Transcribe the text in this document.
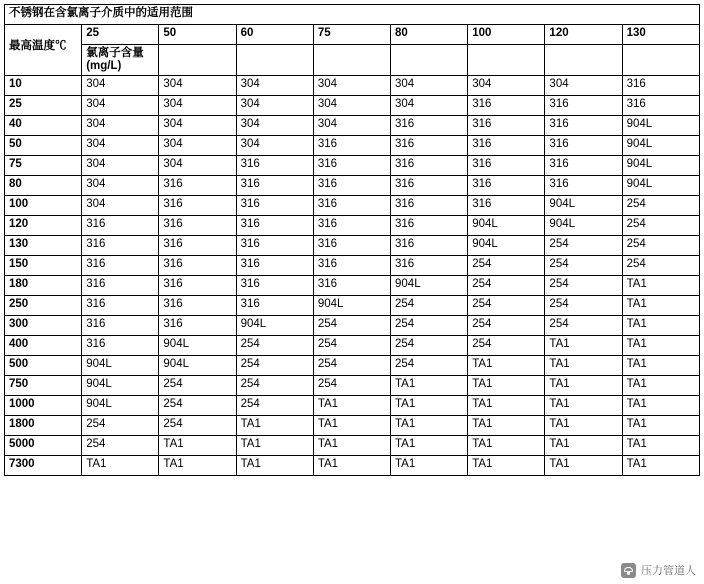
不锈钢在含氯离子介质中的适用范围								

最高温度℃	25	50	60	75	80	100	120	130
	氯离子含量(mg/L)							
10	304	304	304	304	304	304	304	316
25	304	304	304	304	304	316	316	316
40	304	304	304	304	316	316	316	904L
50	304	304	304	316	316	316	316	904L
75	304	304	316	316	316	316	316	904L
80	304	316	316	316	316	316	316	904L
100	304	316	316	316	316	316	904L	254
120	316	316	316	316	316	904L	904L	254
130	316	316	316	316	316	904L	254	254
150	316	316	316	316	316	254	254	254
180	316	316	316	316	904L	254	254	TA1
250	316	316	316	904L	254	254	254	TA1
300	316	316	904L	254	254	254	254	TA1
400	316	904L	254	254	254	254	TA1	TA1
500	904L	904L	254	254	254	TA1	TA1	TA1
750	904L	254	254	254	TA1	TA1	TA1	TA1
1000	904L	254	254	TA1	TA1	TA1	TA1	TA1
1800	254	254	TA1	TA1	TA1	TA1	TA1	TA1
5000	254	TA1	TA1	TA1	TA1	TA1	TA1	TA1
7300	TA1	TA1	TA1	TA1	TA1	TA1	TA1	TA1
压力管道人
